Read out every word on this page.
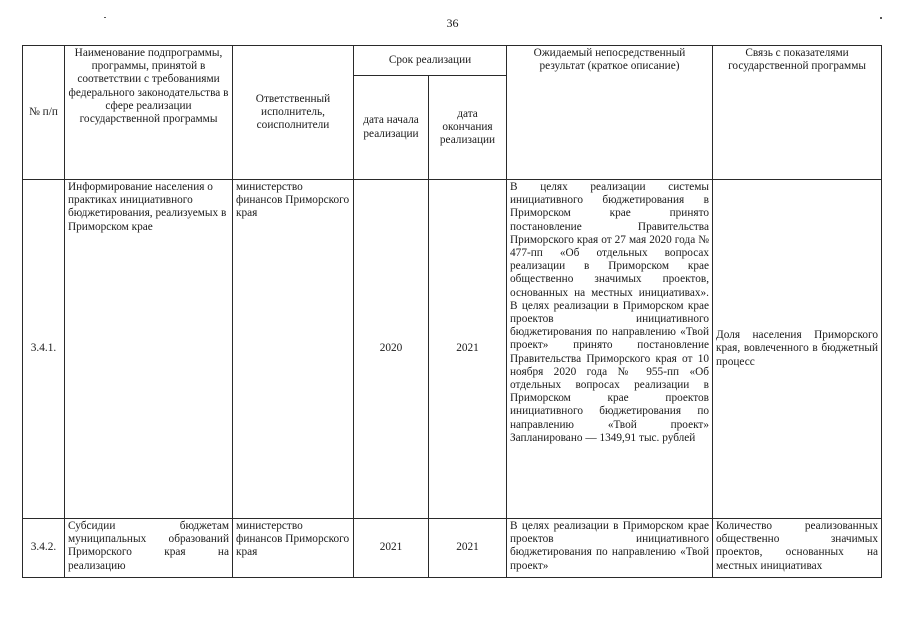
36
№ п/п	Наименование подпрограммы, программы, принятой в соответствии с требованиями федерального законодательства в сфере реализации государственной программы	Ответственный исполнитель, соисполнители	Срок реализации		Ожидаемый непосредственный результат (краткое описание)	Связь с показателями государственной программы
			дата начала реализации	дата окончания реализации		
3.4.1.	Информирование населения о практиках инициативного бюджетирования, реализуемых в Приморском крае	министерство финансов Приморского края	2020	2021	В целях реализации системы инициативного бюджетирования в Приморском крае принято постановление Правительства Приморского края от 27 мая 2020 года № 477-пп «Об отдельных вопросах реализации в Приморском крае общественно значимых проектов, основанных на местных инициативах». В целях реализации в Приморском крае проектов инициативного бюджетирования по направлению «Твой проект» принято постановление Правительства Приморского края от 10 ноября 2020 года № 955-пп «Об отдельных вопросах реализации в Приморском крае проектов инициативного бюджетирования по направлению «Твой проект» Запланировано — 1349,91 тыс. рублей	Доля населения Приморского края, вовлеченного в бюджетный процесс
3.4.2.	Субсидии бюджетам муниципальных образований Приморского края на реализацию	министерство финансов Приморского края	2021	2021	В целях реализации в Приморском крае проектов инициативного бюджетирования по направлению «Твой проект»	Количество реализованных общественно значимых проектов, основанных на местных инициативах
